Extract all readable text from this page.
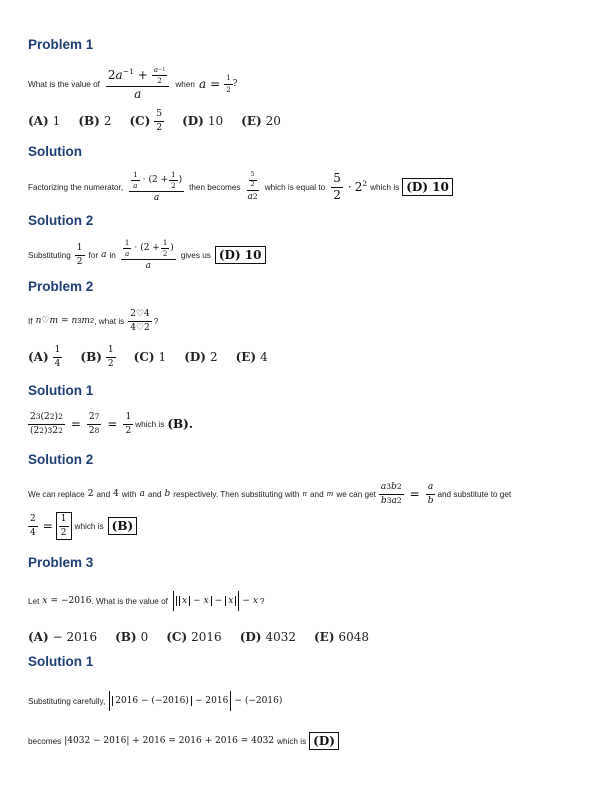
Problem 1
What is the value of $\frac{2a^{-1} + \frac{a -1}{2}}{a}$ when $a = \frac{1}{2}$ ?
(A) 1 (B) 2 $(C) \frac{5}{2} (D)$ 10 (E) 20
Solution
Factorizing the numerator, $\frac{\frac{1}{a} \cdot (2 + \frac{1}{2} )}{a}$ then becomes $\frac{\frac{5}{2}}{a 2}$ which is equal to $\frac{5}{2} \cdot 2^2$ which is (D) 10
Solution 2
Substituting $\frac{1}{2}$ for a in $\frac{\frac{1}{a} \cdot (2 + \frac{1}{2} )}{a}$ gives us (D) 10
Problem 2
If n ♡ m = n 3 m 2 , what is $\frac{2♡4}{4♡2}$ ?
$(A) \frac{1}{4} (B) \frac{1}{2} (C)$ 1 (D) 2 (E) 4
Solution 1
$\frac{2 3 (2 2 ) 2}{(2 2 ) 3 2 2} = \frac{2 7}{2 8} = \frac{1}{2}$ which is (B).
Solution 2
We can replace 2 and 4 with a and b respectively. Then substituting with n and m we can get $\frac{a 3 b 2}{b 3 a 2} = \frac{a}{b}$ and substitute to get
$\frac{2}{4} = \frac{1}{2}$ which is (B)
Problem 3
Let x = −2016 . What is the value of x − x − x − x ?
(A) − 2016 (B) 0 (C) 2016 (D) 4032 (E) 6048
Solution 1
Substituting carefully,	2016 − (−2016) − 2016 − (−2016)
becomes |4032 − 2016| + 2016 = 2016 + 2016 = 4032 which is (D)
